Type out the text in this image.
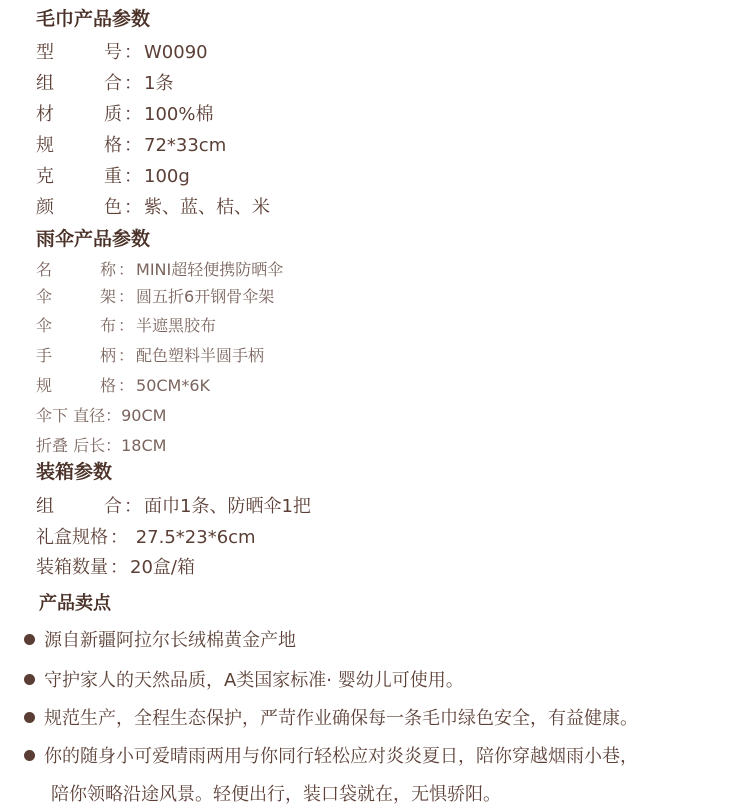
毛巾产品参数
型号 ： W0090
组合 ： 1条
材质 ： 100%棉
规格 ： 72*33cm
克重 ： 100g
颜色 ： 紫、蓝、桔、米
雨伞产品参数
名称 ： MINI超轻便携防晒伞
伞架 ： 圆五折6开钢骨伞架
伞布 ： 半遮黑胶布
手柄 ： 配色塑料半圆手柄
规格 ： 50CM*6K
伞下 直径 ： 90CM
折叠 后长 ： 18CM
装箱参数
组合 ： 面巾1条、防晒伞1把
礼盒规格 ： 27.5*23*6cm
装箱数量 ： 20盒/箱
产品卖点
源自新疆阿拉尔长绒棉黄金产地
守护家人的天然品质，A类国家标准· 婴幼儿可使用。
规范生产，全程生态保护，严苛作业确保每一条毛巾绿色安全，有益健康。
你的随身小可爱晴雨两用与你同行轻松应对炎炎夏日，陪你穿越烟雨小巷，
陪你领略沿途风景。轻便出行，装口袋就在，无惧骄阳。
